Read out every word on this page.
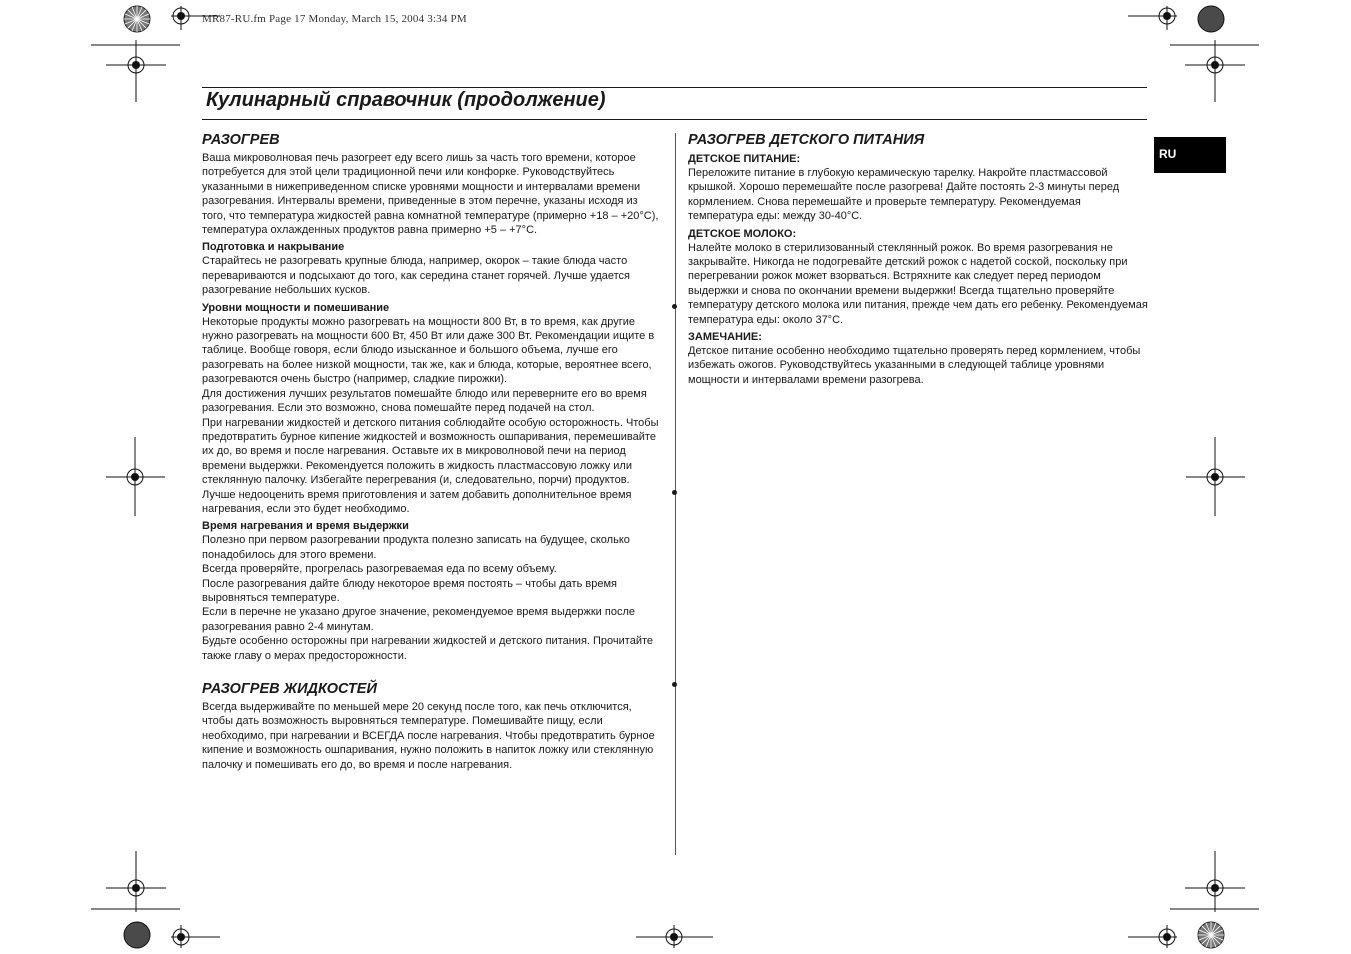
MR87-RU.fm Page 17 Monday, March 15, 2004 3:34 PM
Кулинарный справочник (продолжение)
RU
РАЗОГРЕВ

Ваша микроволновая печь разогреет еду всего лишь за часть того времени, которое потребуется для этой цели традиционной печи или конфорке. Руководствуйтесь указанными в нижеприведенном списке уровнями мощности и интервалами времени разогревания. Интервалы времени, приведенные в этом перечне, указаны исходя из того, что температура жидкостей равна комнатной температуре (примерно +18 – +20°C), температура охлажденных продуктов равна примерно +5 – +7°C.

Подготовка и накрывание

Старайтесь не разогревать крупные блюда, например, окорок – такие блюда часто перевариваются и подсыхают до того, как середина станет горячей. Лучше удается разогревание небольших кусков.

Уровни мощности и помешивание

Некоторые продукты можно разогревать на мощности 800 Вт, в то время, как другие нужно разогревать на мощности 600 Вт, 450 Вт или даже 300 Вт. Рекомендации ищите в таблице. Вообще говоря, если блюдо изысканное и большого объема, лучше его разогревать на более низкой мощности, так же, как и блюда, которые, вероятнее всего, разогреваются очень быстро (например, сладкие пирожки).

Для достижения лучших результатов помешайте блюдо или переверните его во время разогревания. Если это возможно, снова помешайте перед подачей на стол.

При нагревании жидкостей и детского питания соблюдайте особую осторожность. Чтобы предотвратить бурное кипение жидкостей и возможность ошпаривания, перемешивайте их до, во время и после нагревания. Оставьте их в микроволновой печи на период времени выдержки. Рекомендуется положить в жидкость пластмассовую ложку или стеклянную палочку. Избегайте перегревания (и, следовательно, порчи) продуктов.

Лучше недооценить время приготовления и затем добавить дополнительное время нагревания, если это будет необходимо.

Время нагревания и время выдержки

Полезно при первом разогревании продукта полезно записать на будущее, сколько понадобилось для этого времени.

Всегда проверяйте, прогрелась разогреваемая еда по всему объему.

После разогревания дайте блюду некоторое время постоять – чтобы дать время выровняться температуре.

Если в перечне не указано другое значение, рекомендуемое время выдержки после разогревания равно 2-4 минутам.

Будьте особенно осторожны при нагревании жидкостей и детского питания. Прочитайте также главу о мерах предосторожности.

РАЗОГРЕВ ЖИДКОСТЕЙ

Всегда выдерживайте по меньшей мере 20 секунд после того, как печь отключится, чтобы дать возможность выровняться температуре. Помешивайте пищу, если необходимо, при нагревании и ВСЕГДА после нагревания. Чтобы предотвратить бурное кипение и возможность ошпаривания, нужно положить в напиток ложку или стеклянную палочку и помешивать его до, во время и после нагревания.

РАЗОГРЕВ ДЕТСКОГО ПИТАНИЯ
ДЕТСКОЕ ПИТАНИЕ:

Переложите питание в глубокую керамическую тарелку. Накройте пластмассовой крышкой. Хорошо перемешайте после разогрева! Дайте постоять 2-3 минуты перед кормлением. Снова перемешайте и проверьте температуру. Рекомендуемая температура еды: между 30-40°C.

ДЕТСКОЕ МОЛОКО:

Налейте молоко в стерилизованный стеклянный рожок. Во время разогревания не закрывайте. Никогда не подогревайте детский рожок с надетой соской, поскольку при перегревании рожок может взорваться. Встряхните как следует перед периодом выдержки и снова по окончании времени выдержки! Всегда тщательно проверяйте температуру детского молока или питания, прежде чем дать его ребенку. Рекомендуемая температура еды: около 37°C.

ЗАМЕЧАНИЕ:

Детское питание особенно необходимо тщательно проверять перед кормлением, чтобы избежать ожогов. Руководствуйтесь указанными в следующей таблице уровнями мощности и интервалами времени разогрева.
